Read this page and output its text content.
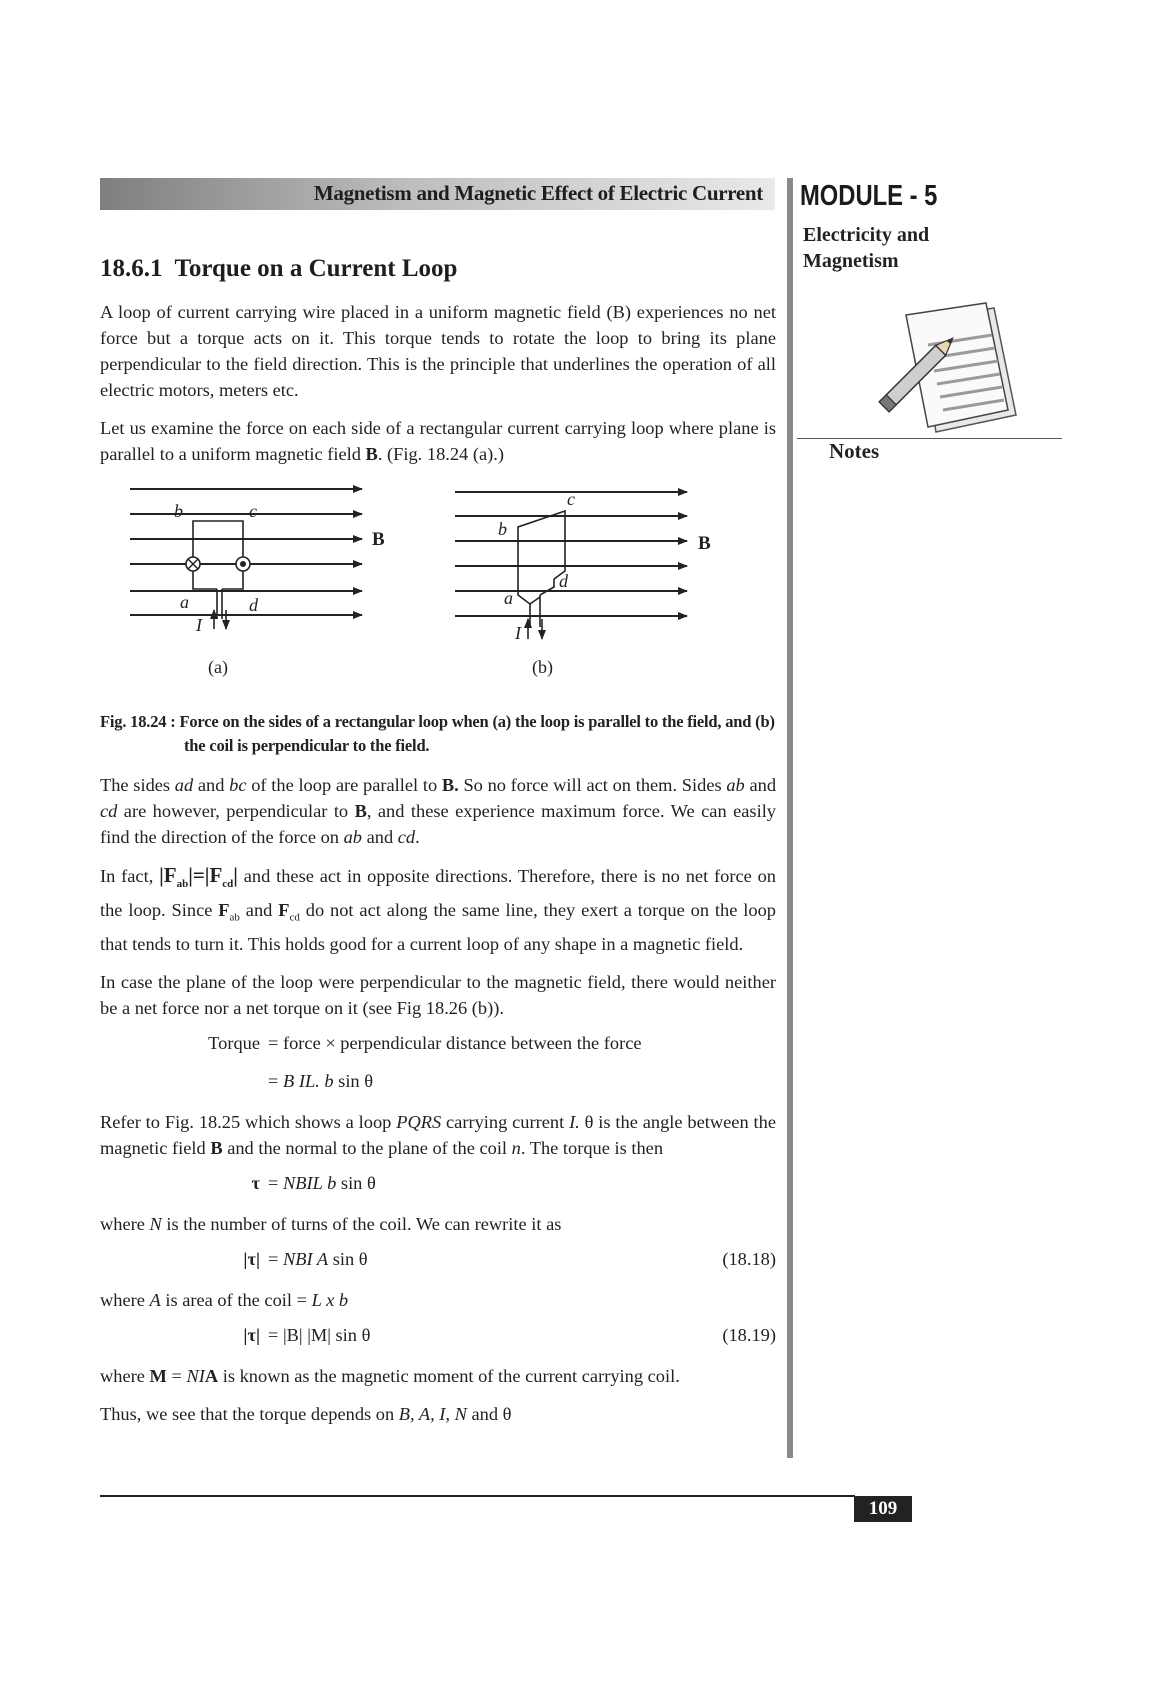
Magnetism and Magnetic Effect of Electric Current MODULE - 5
Electricity and Magnetism
Notes
18.6.1 Torque on a Current Loop

A loop of current carrying wire placed in a uniform magnetic field (B) experiences no net force but a torque acts on it. This torque tends to rotate the loop to bring its plane perpendicular to the field direction. This is the principle that underlines the operation of all electric motors, meters etc.

Let us examine the force on each side of a rectangular current carrying loop where plane is parallel to a uniform magnetic field B. (Fig. 18.24 (a).)

b	c
a	d
I
B
(a)
b
c
a
d
I
B
(b)
Fig. 18.24 : Force on the sides of a rectangular loop when (a) the loop is parallel to the field, and (b) the coil is perpendicular to the field.

The sides ad and bc of the loop are parallel to B. So no force will act on them. Sides ab and cd are however, perpendicular to B, and these experience maximum force. We can easily find the direction of the force on ab and cd.

In fact, $|F_{ab}|=|F_{cd}|$ and these act in opposite directions. Therefore, there is no net force on the loop. Since $F_{ab}$ and $F_{cd}$ do not act along the same line, they exert a torque on the loop that tends to turn it. This holds good for a current loop of any shape in a magnetic field.

In case the plane of the loop were perpendicular to the magnetic field, there would neither be a net force nor a net torque on it (see Fig 18.26 (b)).

Torque = force × perpendicular distance between the force
= B IL. b sin θ

Refer to Fig. 18.25 which shows a loop PQRS carrying current I. θ is the angle between the magnetic field B and the normal to the plane of the coil n. The torque is then

τ = NBIL b sin θ

where N is the number of turns of the coil. We can rewrite it as

|τ| = NBI A sin θ	(18.18)

where A is area of the coil = L x b

|τ| = |B| |M| sin θ	(18.19)

where M = NIA is known as the magnetic moment of the current carrying coil.

Thus, we see that the torque depends on B, A, I, N and θ

109
